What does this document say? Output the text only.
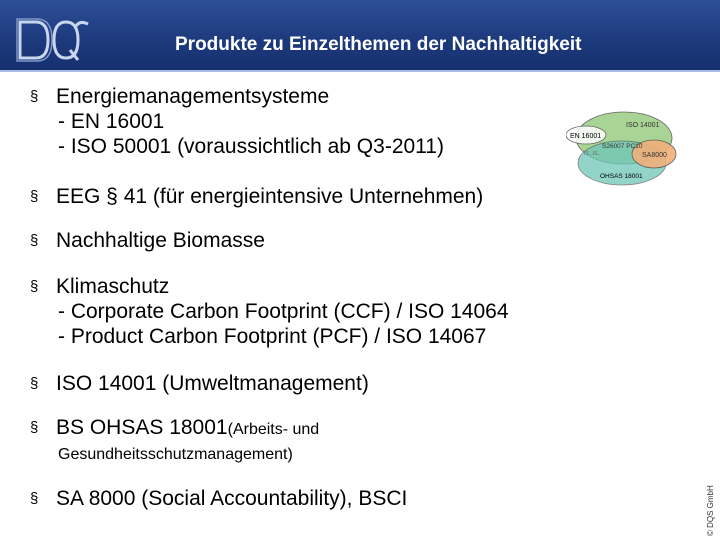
Produkte zu Einzelthemen der Nachhaltigkeit
§ Energiemanagementsysteme
- EN 16001
- ISO 50001 (voraussichtlich ab Q3-2011)
§ EEG § 41 (für energieintensive Unternehmen)
§ Nachhaltige Biomasse
§ Klimaschutz
- Corporate Carbon Footprint (CCF) / ISO 14064
- Product Carbon Footprint (PCF) / ISO 14067
§ ISO 14001 (Umweltmanagement)
§ BS OHSAS 18001(Arbeits- und
Gesundheitsschutzmanagement)
§ SA 8000 (Social Accountability), BSCI
ISO 14001
EN 16001
S26007 PC10
SA8000
OHSAS 18001
IS...IS...
© DQS GmbH
